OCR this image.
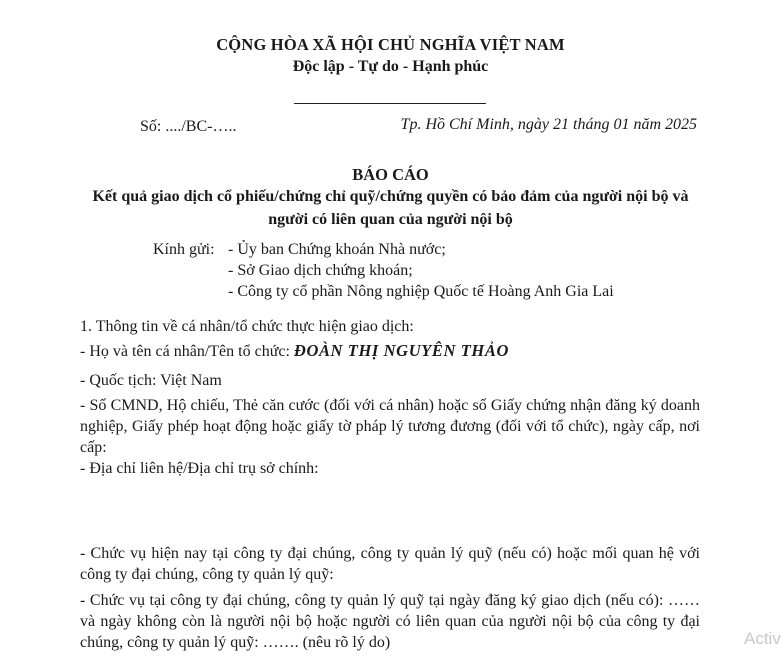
CỘNG HÒA XÃ HỘI CHỦ NGHĨA VIỆT NAM
Độc lập - Tự do - Hạnh phúc
Số: ..../BC-…..	Tp. Hồ Chí Minh, ngày 21 tháng 01 năm 2025
BÁO CÁO
Kết quả giao dịch cổ phiếu/chứng chỉ quỹ/chứng quyền có bảo đảm của người nội bộ và
người có liên quan của người nội bộ
Kính gửi: - Ủy ban Chứng khoán Nhà nước;
- Sở Giao dịch chứng khoán;
- Công ty cổ phần Nông nghiệp Quốc tế Hoàng Anh Gia Lai
1. Thông tin về cá nhân/tổ chức thực hiện giao dịch:
- Họ và tên cá nhân/Tên tổ chức: ĐOÀN THỊ NGUYÊN THẢO
- Quốc tịch: Việt Nam
- Số CMND, Hộ chiếu, Thẻ căn cước (đối với cá nhân) hoặc số Giấy chứng nhận đăng ký doanh nghiệp, Giấy phép hoạt động hoặc giấy tờ pháp lý tương đương (đối với tổ chức), ngày cấp, nơi cấp:
- Địa chỉ liên hệ/Địa chỉ trụ sở chính:
- Chức vụ hiện nay tại công ty đại chúng, công ty quản lý quỹ (nếu có) hoặc mối quan hệ với công ty đại chúng, công ty quản lý quỹ:
- Chức vụ tại công ty đại chúng, công ty quản lý quỹ tại ngày đăng ký giao dịch (nếu có): …… và ngày không còn là người nội bộ hoặc người có liên quan của người nội bộ của công ty đại chúng, công ty quản lý quỹ: ……. (nêu rõ lý do)	Activ
